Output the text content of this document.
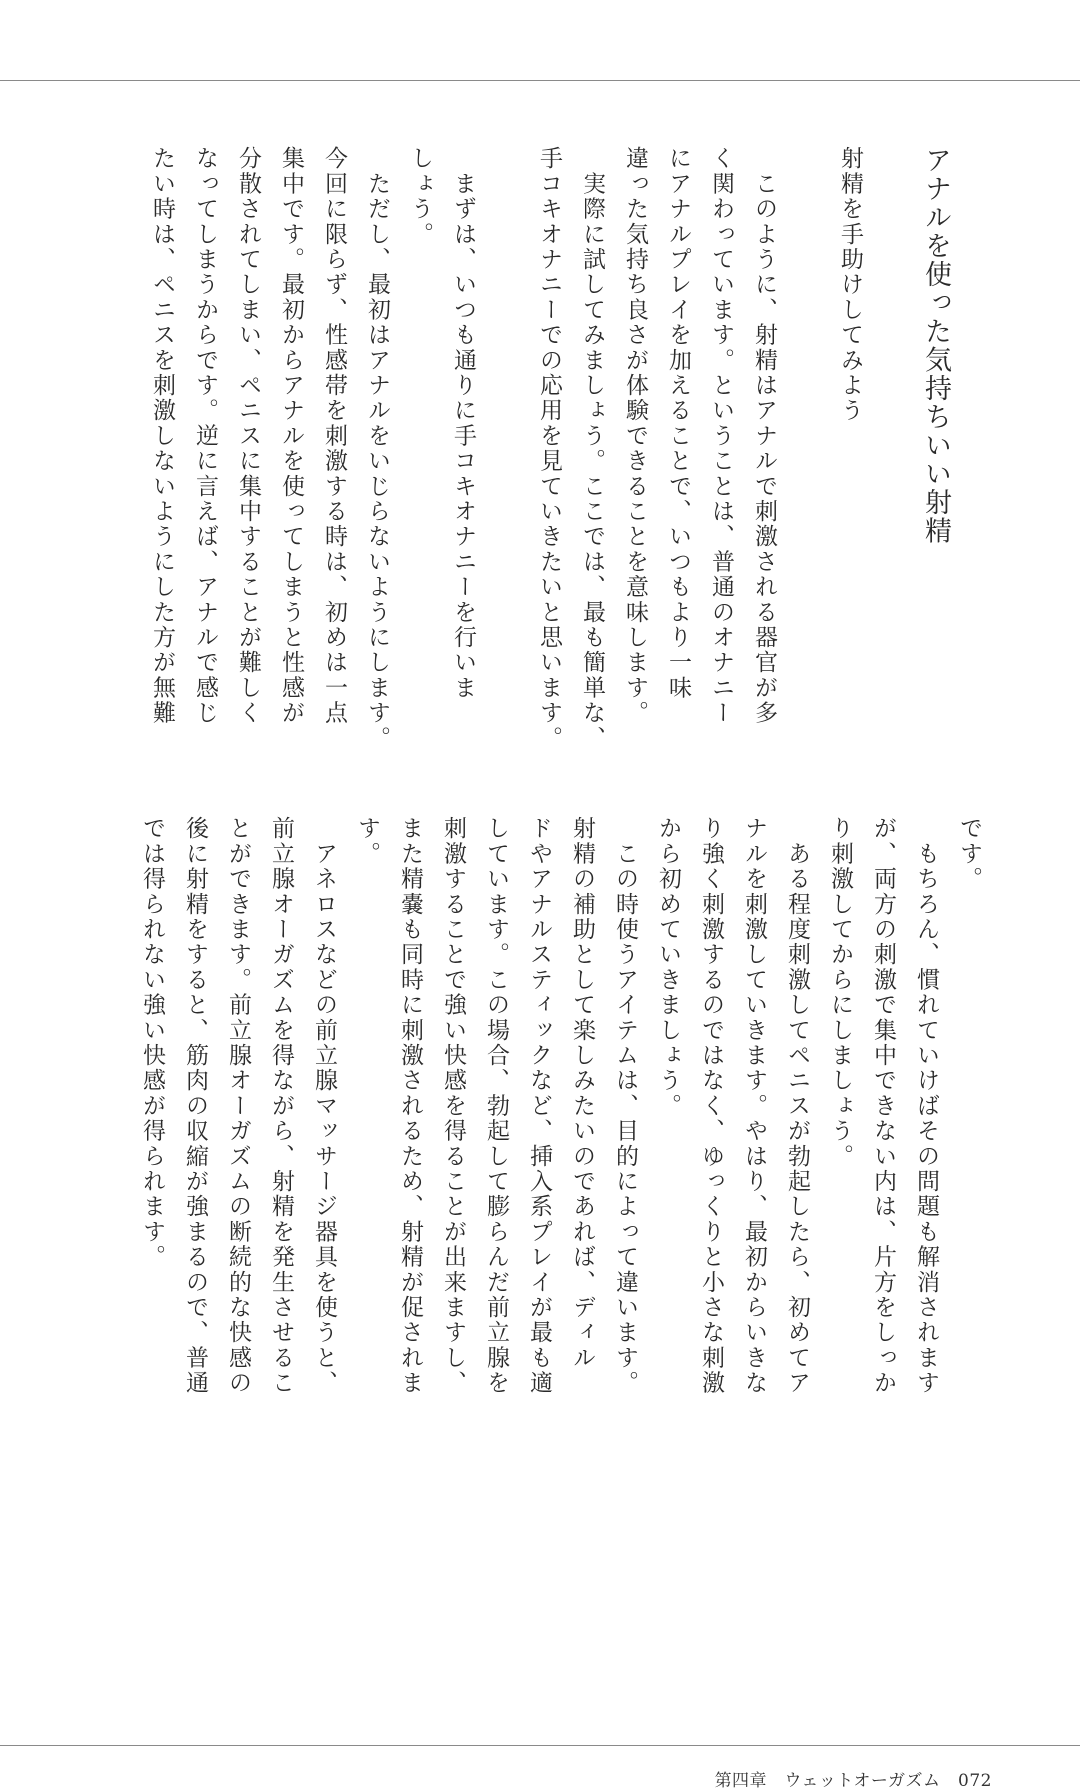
アナルを使った気持ちいい射精
射精を手助けしてみよう
　このように、射精はアナルで刺激される器官が多
く関わっています。ということは、普通のオナニー
にアナルプレイを加えることで、いつもより一味
違った気持ち良さが体験できることを意味します。
　実際に試してみましょう。ここでは、最も簡単な、
手コキオナニーでの応用を見ていきたいと思います。
　まずは、いつも通りに手コキオナニーを行いま
しょう。
　ただし、最初はアナルをいじらないようにします。
今回に限らず、性感帯を刺激する時は、初めは一点
集中です。最初からアナルを使ってしまうと性感が
分散されてしまい、ペニスに集中することが難しく
なってしまうからです。逆に言えば、アナルで感じ
たい時は、ペニスを刺激しないようにした方が無難
です。
　もちろん、慣れていけばその問題も解消されます
が、両方の刺激で集中できない内は、片方をしっか
り刺激してからにしましょう。
　ある程度刺激してペニスが勃起したら、初めてア
ナルを刺激していきます。やはり、最初からいきな
り強く刺激するのではなく、ゆっくりと小さな刺激
から初めていきましょう。
　この時使うアイテムは、目的によって違います。
射精の補助として楽しみたいのであれば、ディル
ドやアナルスティックなど、挿入系プレイが最も適
しています。この場合、勃起して膨らんだ前立腺を
刺激することで強い快感を得ることが出来ますし、
また精嚢も同時に刺激されるため、射精が促されま
す。
　アネロスなどの前立腺マッサージ器具を使うと、
前立腺オーガズムを得ながら、射精を発生させるこ
とができます。前立腺オーガズムの断続的な快感の
後に射精をすると、筋肉の収縮が強まるので、普通
では得られない強い快感が得られます。
第四章　ウェットオーガズム　 072
